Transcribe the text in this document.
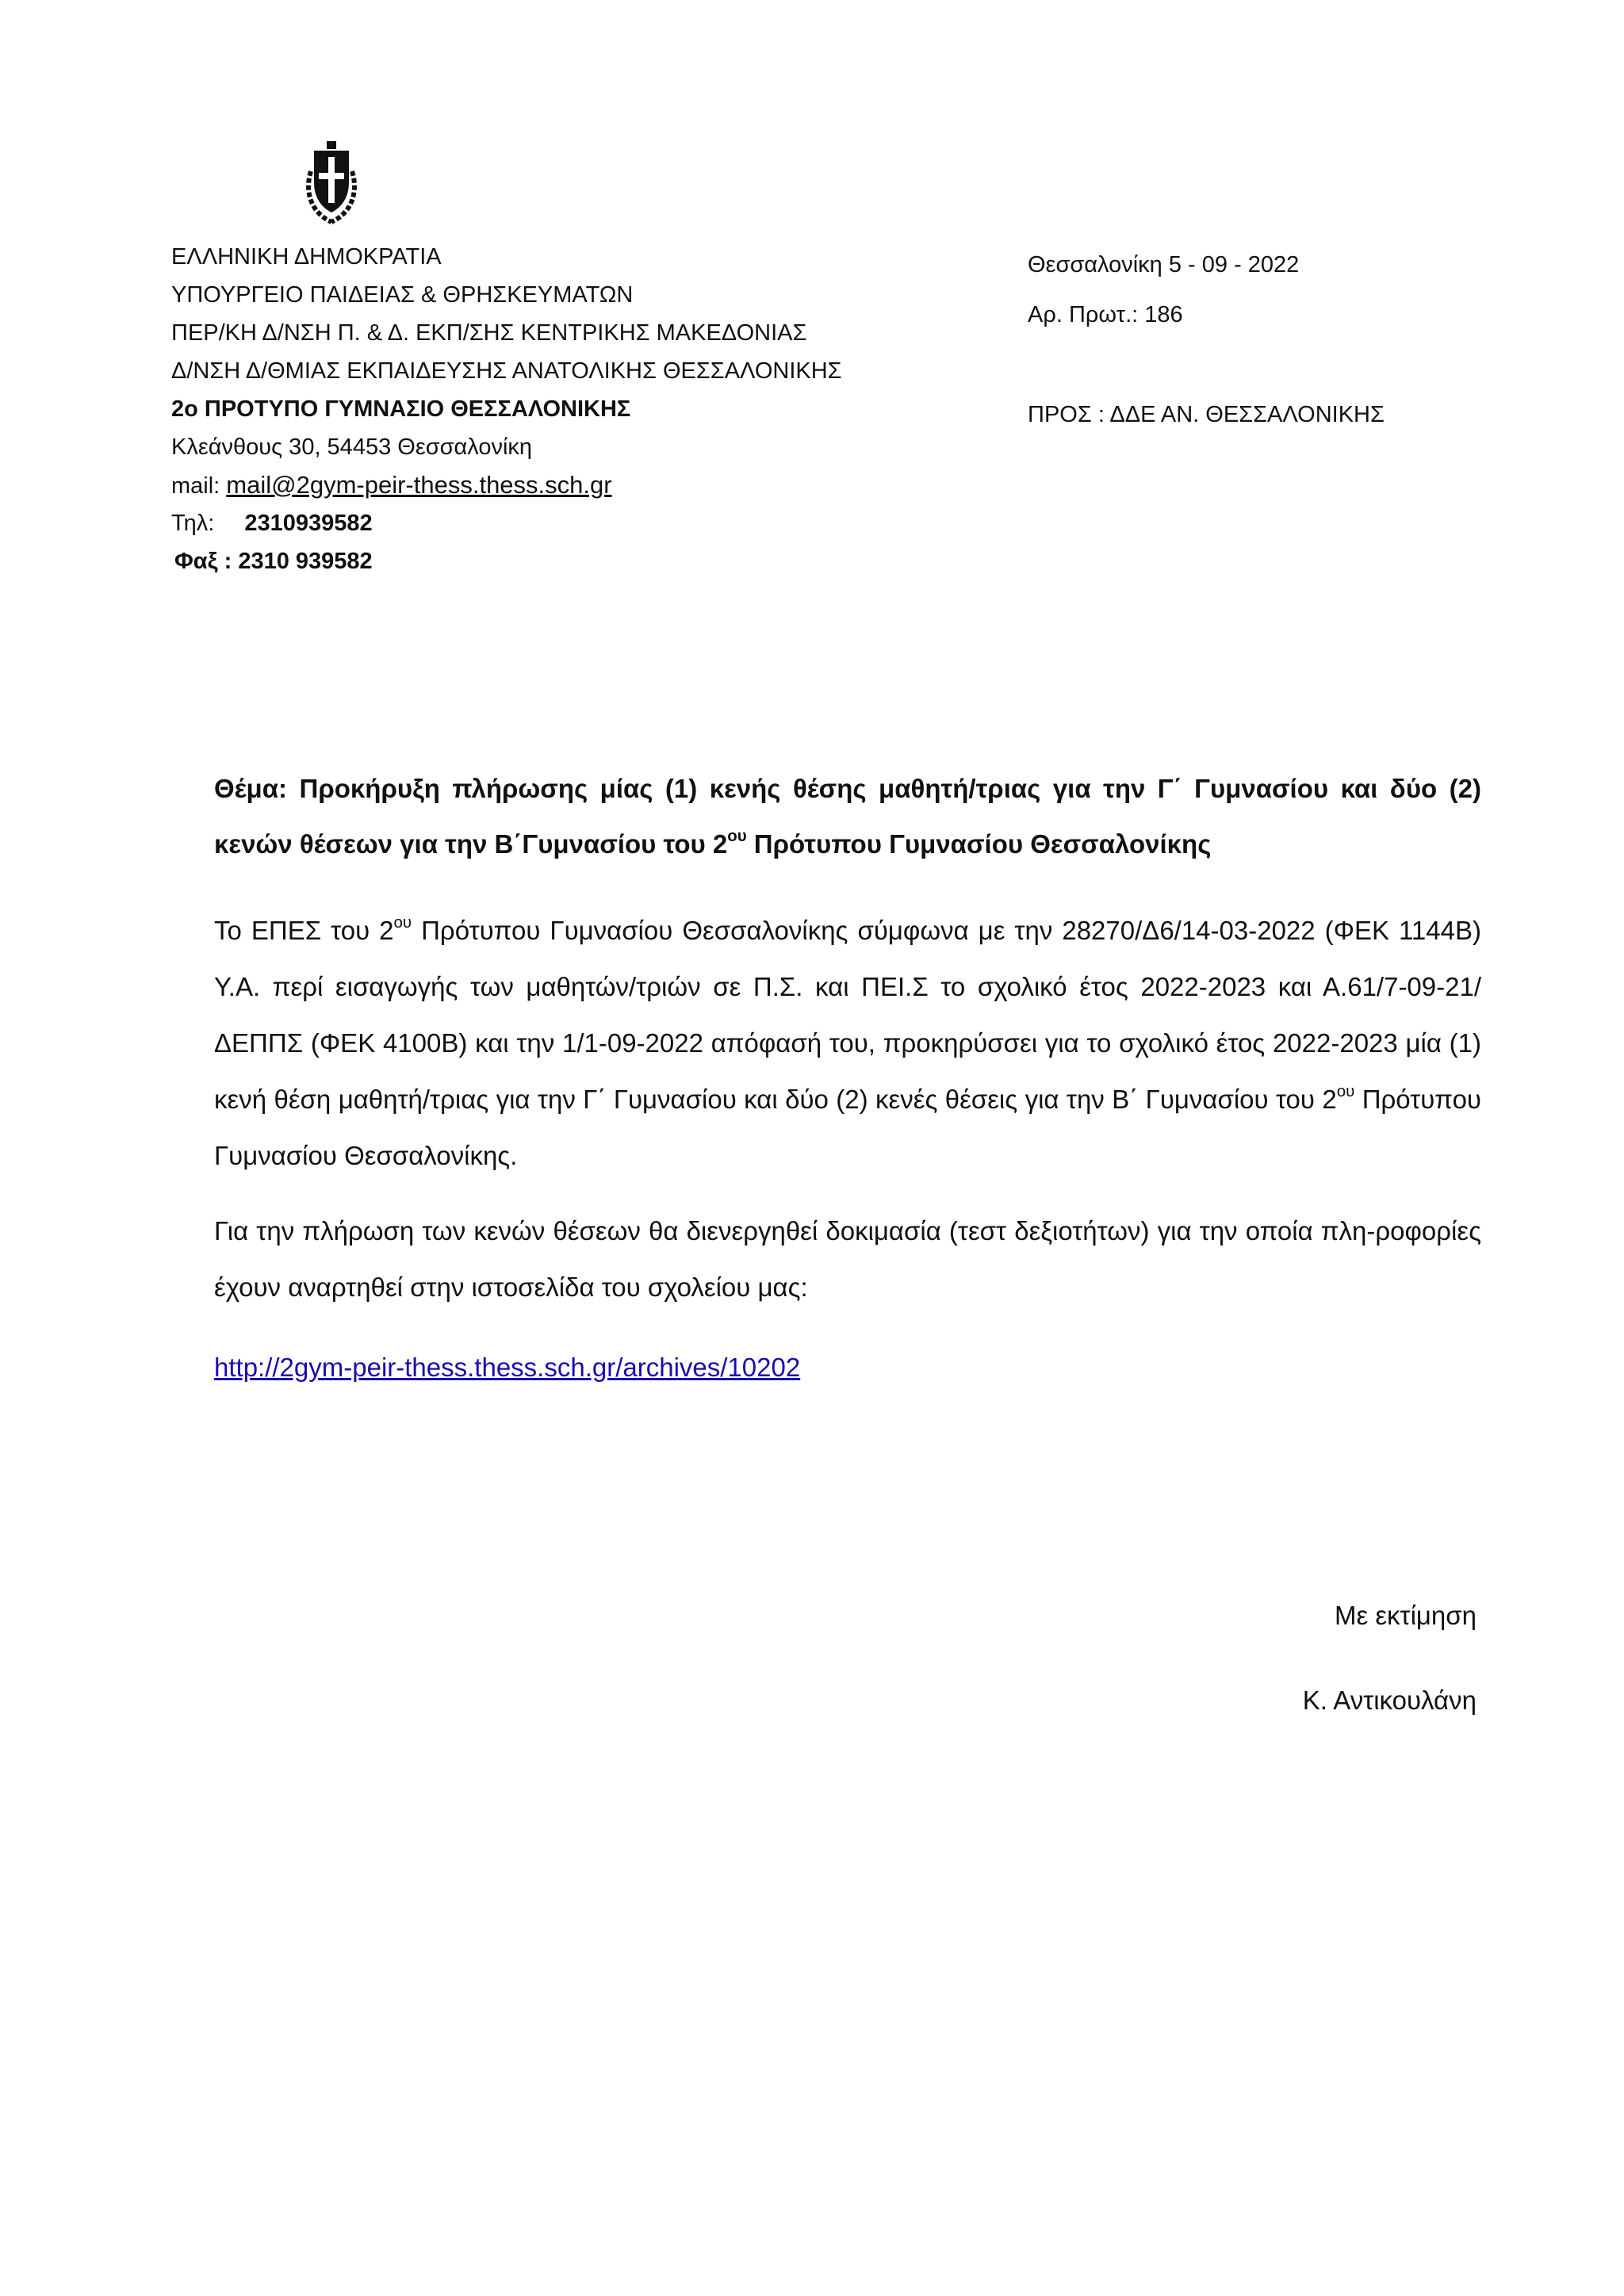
ΕΛΛΗΝΙΚΗ ΔΗΜΟΚΡΑΤΙΑ
ΥΠΟΥΡΓΕΙΟ ΠΑΙΔΕΙΑΣ & ΘΡΗΣΚΕΥΜΑΤΩΝ
ΠΕΡ/ΚΗ Δ/ΝΣΗ Π. & Δ. ΕΚΠ/ΣΗΣ ΚΕΝΤΡΙΚΗΣ ΜΑΚΕΔΟΝΙΑΣ
Δ/ΝΣΗ Δ/ΘΜΙΑΣ ΕΚΠΑΙΔΕΥΣΗΣ ΑΝΑΤΟΛΙΚΗΣ ΘΕΣΣΑΛΟΝΙΚΗΣ
2ο ΠΡΟΤΥΠΟ ΓΥΜΝΑΣΙΟ ΘΕΣΣΑΛΟΝΙΚΗΣ
Κλεάνθους 30, 54453 Θεσσαλονίκη
mail: mail@2gym-peir-thess.thess.sch.gr
Τηλ: 2310939582
Φαξ : 2310 939582
Θεσσαλονίκη 5 - 09 - 2022
Αρ. Πρωτ.: 186
ΠΡΟΣ : ΔΔΕ ΑΝ. ΘΕΣΣΑΛΟΝΙΚΗΣ
Θέμα: Προκήρυξη πλήρωσης μίας (1) κενής θέσης μαθητή/τριας για την Γ΄ Γυμνασίου και δύο (2) κενών θέσεων για την Β΄Γυμνασίου του $2^{o\upsilon}$ Πρότυπου Γυμνασίου Θεσσαλονίκης
Το ΕΠΕΣ του $2^{o\upsilon}$ Πρότυπου Γυμνασίου Θεσσαλονίκης σύμφωνα με την 28270/Δ6/14-03-2022 (ΦΕΚ 1144Β) Υ.Α. περί εισαγωγής των μαθητών/τριών σε Π.Σ. και ΠΕΙ.Σ το σχολικό έτος 2022-2023 και Α.61/7-09-21/ΔΕΠΠΣ (ΦΕΚ 4100Β) και την 1/1-09-2022 απόφασή του, προκηρύσσει για το σχολικό έτος 2022-2023 μία (1) κενή θέση μαθητή/τριας για την Γ΄ Γυμνασίου και δύο (2) κενές θέσεις για την Β΄ Γυμνασίου του $2^{o\upsilon}$ Πρότυπου Γυμνασίου Θεσσαλονίκης.
Για την πλήρωση των κενών θέσεων θα διενεργηθεί δοκιμασία (τεστ δεξιοτήτων) για την οποία πλη-ροφορίες έχουν αναρτηθεί στην ιστοσελίδα του σχολείου μας:
http://2gym-peir-thess.thess.sch.gr/archives/10202
Με εκτίμηση
Κ. Αντικουλάνη
